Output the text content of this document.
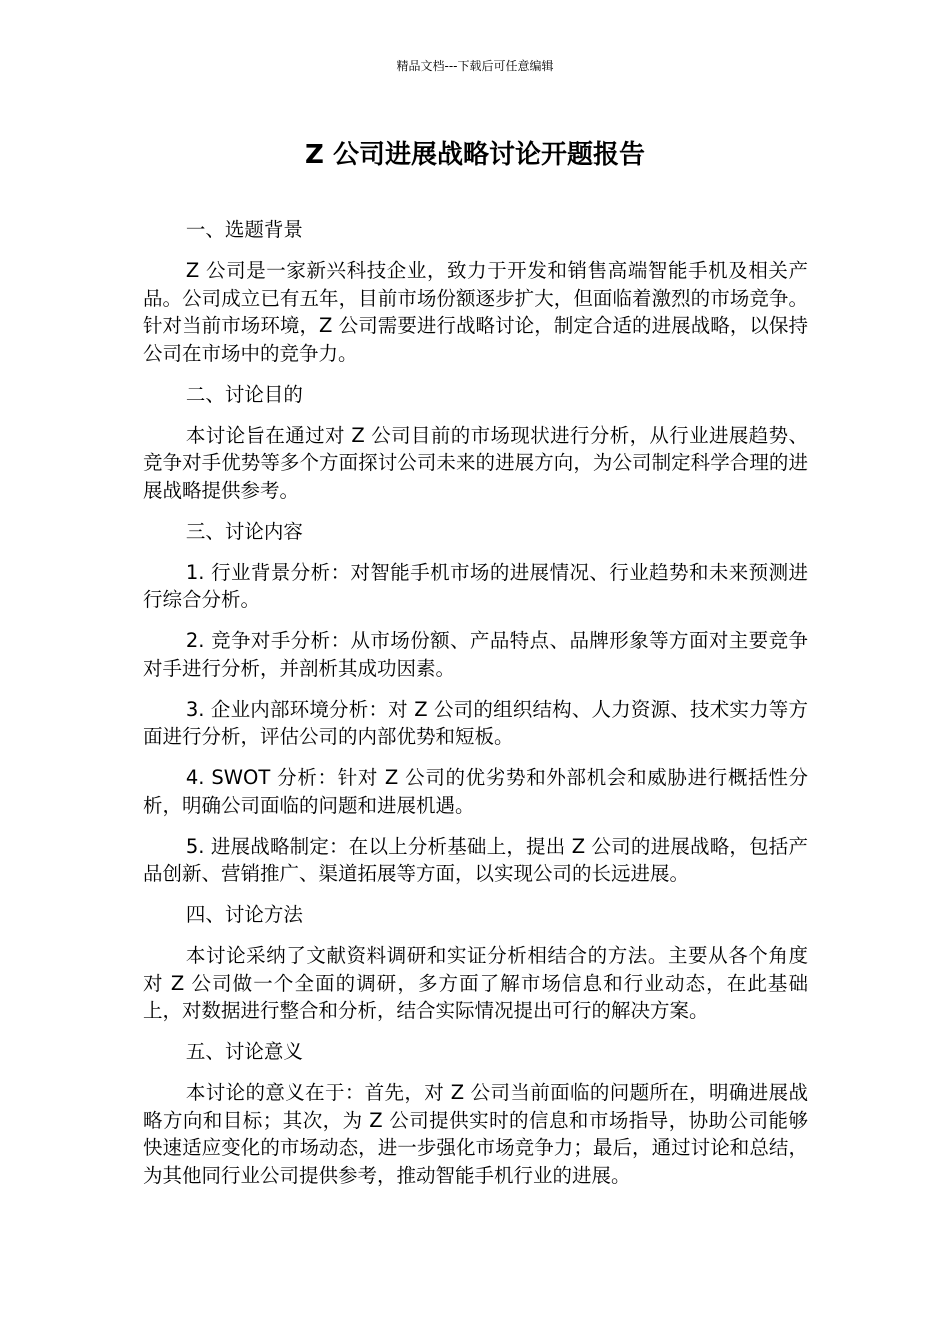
精品文档---下载后可任意编辑
Z 公司进展战略讨论开题报告

一、选题背景

Z 公司是一家新兴科技企业，致力于开发和销售高端智能手机及相关产品。公司成立已有五年，目前市场份额逐步扩大，但面临着激烈的市场竞争。针对当前市场环境，Z 公司需要进行战略讨论，制定合适的进展战略，以保持公司在市场中的竞争力。

二、讨论目的

本讨论旨在通过对 Z 公司目前的市场现状进行分析，从行业进展趋势、竞争对手优势等多个方面探讨公司未来的进展方向，为公司制定科学合理的进展战略提供参考。

三、讨论内容

1. 行业背景分析：对智能手机市场的进展情况、行业趋势和未来预测进行综合分析。

2. 竞争对手分析：从市场份额、产品特点、品牌形象等方面对主要竞争对手进行分析，并剖析其成功因素。

3. 企业内部环境分析：对 Z 公司的组织结构、人力资源、技术实力等方面进行分析，评估公司的内部优势和短板。

4. SWOT 分析：针对 Z 公司的优劣势和外部机会和威胁进行概括性分析，明确公司面临的问题和进展机遇。

5. 进展战略制定：在以上分析基础上，提出 Z 公司的进展战略，包括产品创新、营销推广、渠道拓展等方面，以实现公司的长远进展。

四、讨论方法

本讨论采纳了文献资料调研和实证分析相结合的方法。主要从各个角度对 Z 公司做一个全面的调研，多方面了解市场信息和行业动态，在此基础上，对数据进行整合和分析，结合实际情况提出可行的解决方案。

五、讨论意义

本讨论的意义在于：首先，对 Z 公司当前面临的问题所在，明确进展战略方向和目标；其次，为 Z 公司提供实时的信息和市场指导，协助公司能够快速适应变化的市场动态，进一步强化市场竞争力；最后，通过讨论和总结，为其他同行业公司提供参考，推动智能手机行业的进展。
